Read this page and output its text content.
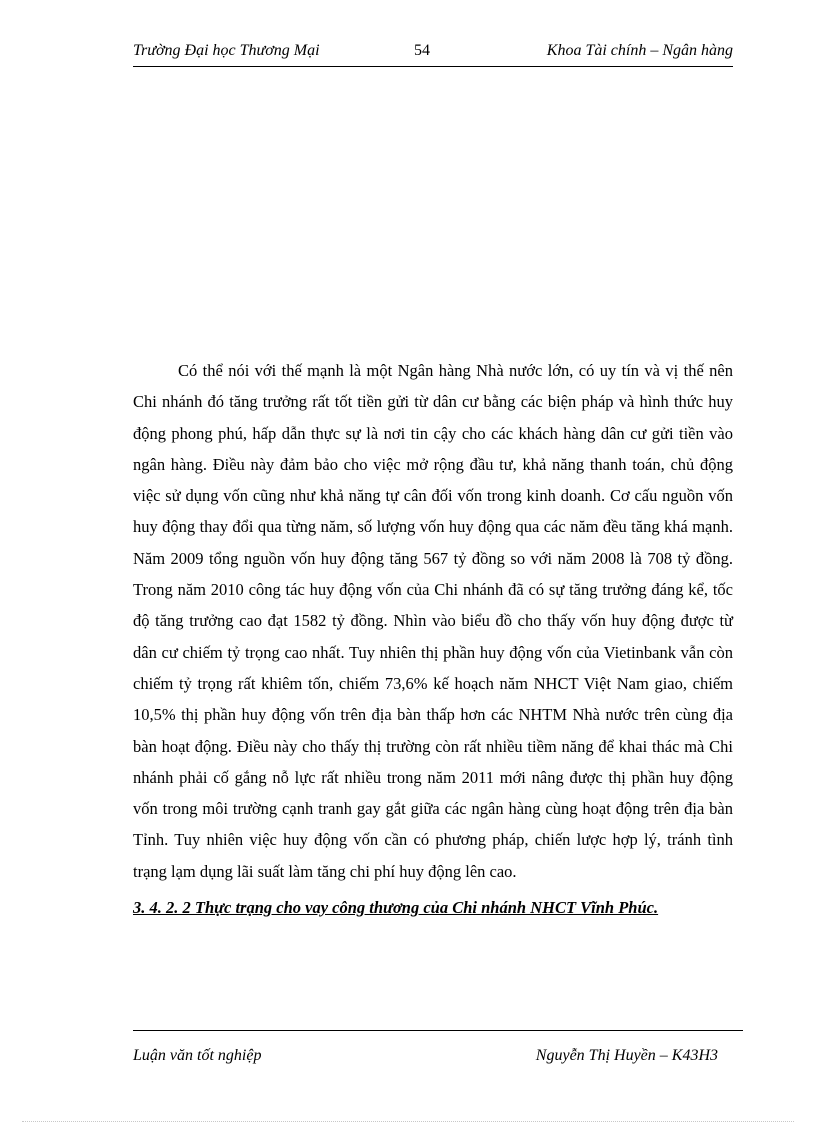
Trường Đại học Thương Mại	54	Khoa Tài chính – Ngân hàng

Có thể nói với thế mạnh là một Ngân hàng Nhà nước lớn, có uy tín và vị thế nên Chi nhánh đó tăng trưởng rất tốt tiền gửi từ dân cư bằng các biện pháp và hình thức huy động phong phú, hấp dẫn thực sự là nơi tin cậy cho các khách hàng dân cư gửi tiền vào ngân hàng. Điều này đảm bảo cho việc mở rộng đầu tư, khả năng thanh toán, chủ động việc sử dụng vốn cũng như khả năng tự cân đối vốn trong kinh doanh. Cơ cấu nguồn vốn huy động thay đổi qua từng năm, số lượng vốn huy động qua các năm đều tăng khá mạnh. Năm 2009 tổng nguồn vốn huy động tăng 567 tỷ đồng so với năm 2008 là 708 tỷ đồng. Trong năm 2010 công tác huy động vốn của Chi nhánh đã có sự tăng trưởng đáng kể, tốc độ tăng trưởng cao đạt 1582 tỷ đồng. Nhìn vào biểu đồ cho thấy vốn huy động được từ dân cư chiếm tỷ trọng cao nhất. Tuy nhiên thị phần huy động vốn của Vietinbank vẫn còn chiếm tỷ trọng rất khiêm tốn, chiếm 73,6% kế hoạch năm NHCT Việt Nam giao, chiếm 10,5% thị phần huy động vốn trên địa bàn thấp hơn các NHTM Nhà nước trên cùng địa bàn hoạt động. Điều này cho thấy thị trường còn rất nhiều tiềm năng để khai thác mà Chi nhánh phải cố gắng nỗ lực rất nhiều trong năm 2011 mới nâng được thị phần huy động vốn trong môi trường cạnh tranh gay gắt giữa các ngân hàng cùng hoạt động trên địa bàn Tỉnh. Tuy nhiên việc huy động vốn cần có phương pháp, chiến lược hợp lý, tránh tình trạng lạm dụng lãi suất làm tăng chi phí huy động lên cao.

3. 4. 2. 2 Thực trạng cho vay công thương của Chi nhánh NHCT Vĩnh Phúc.
Luận văn tốt nghiệp	Nguyễn Thị Huyền – K43H3
